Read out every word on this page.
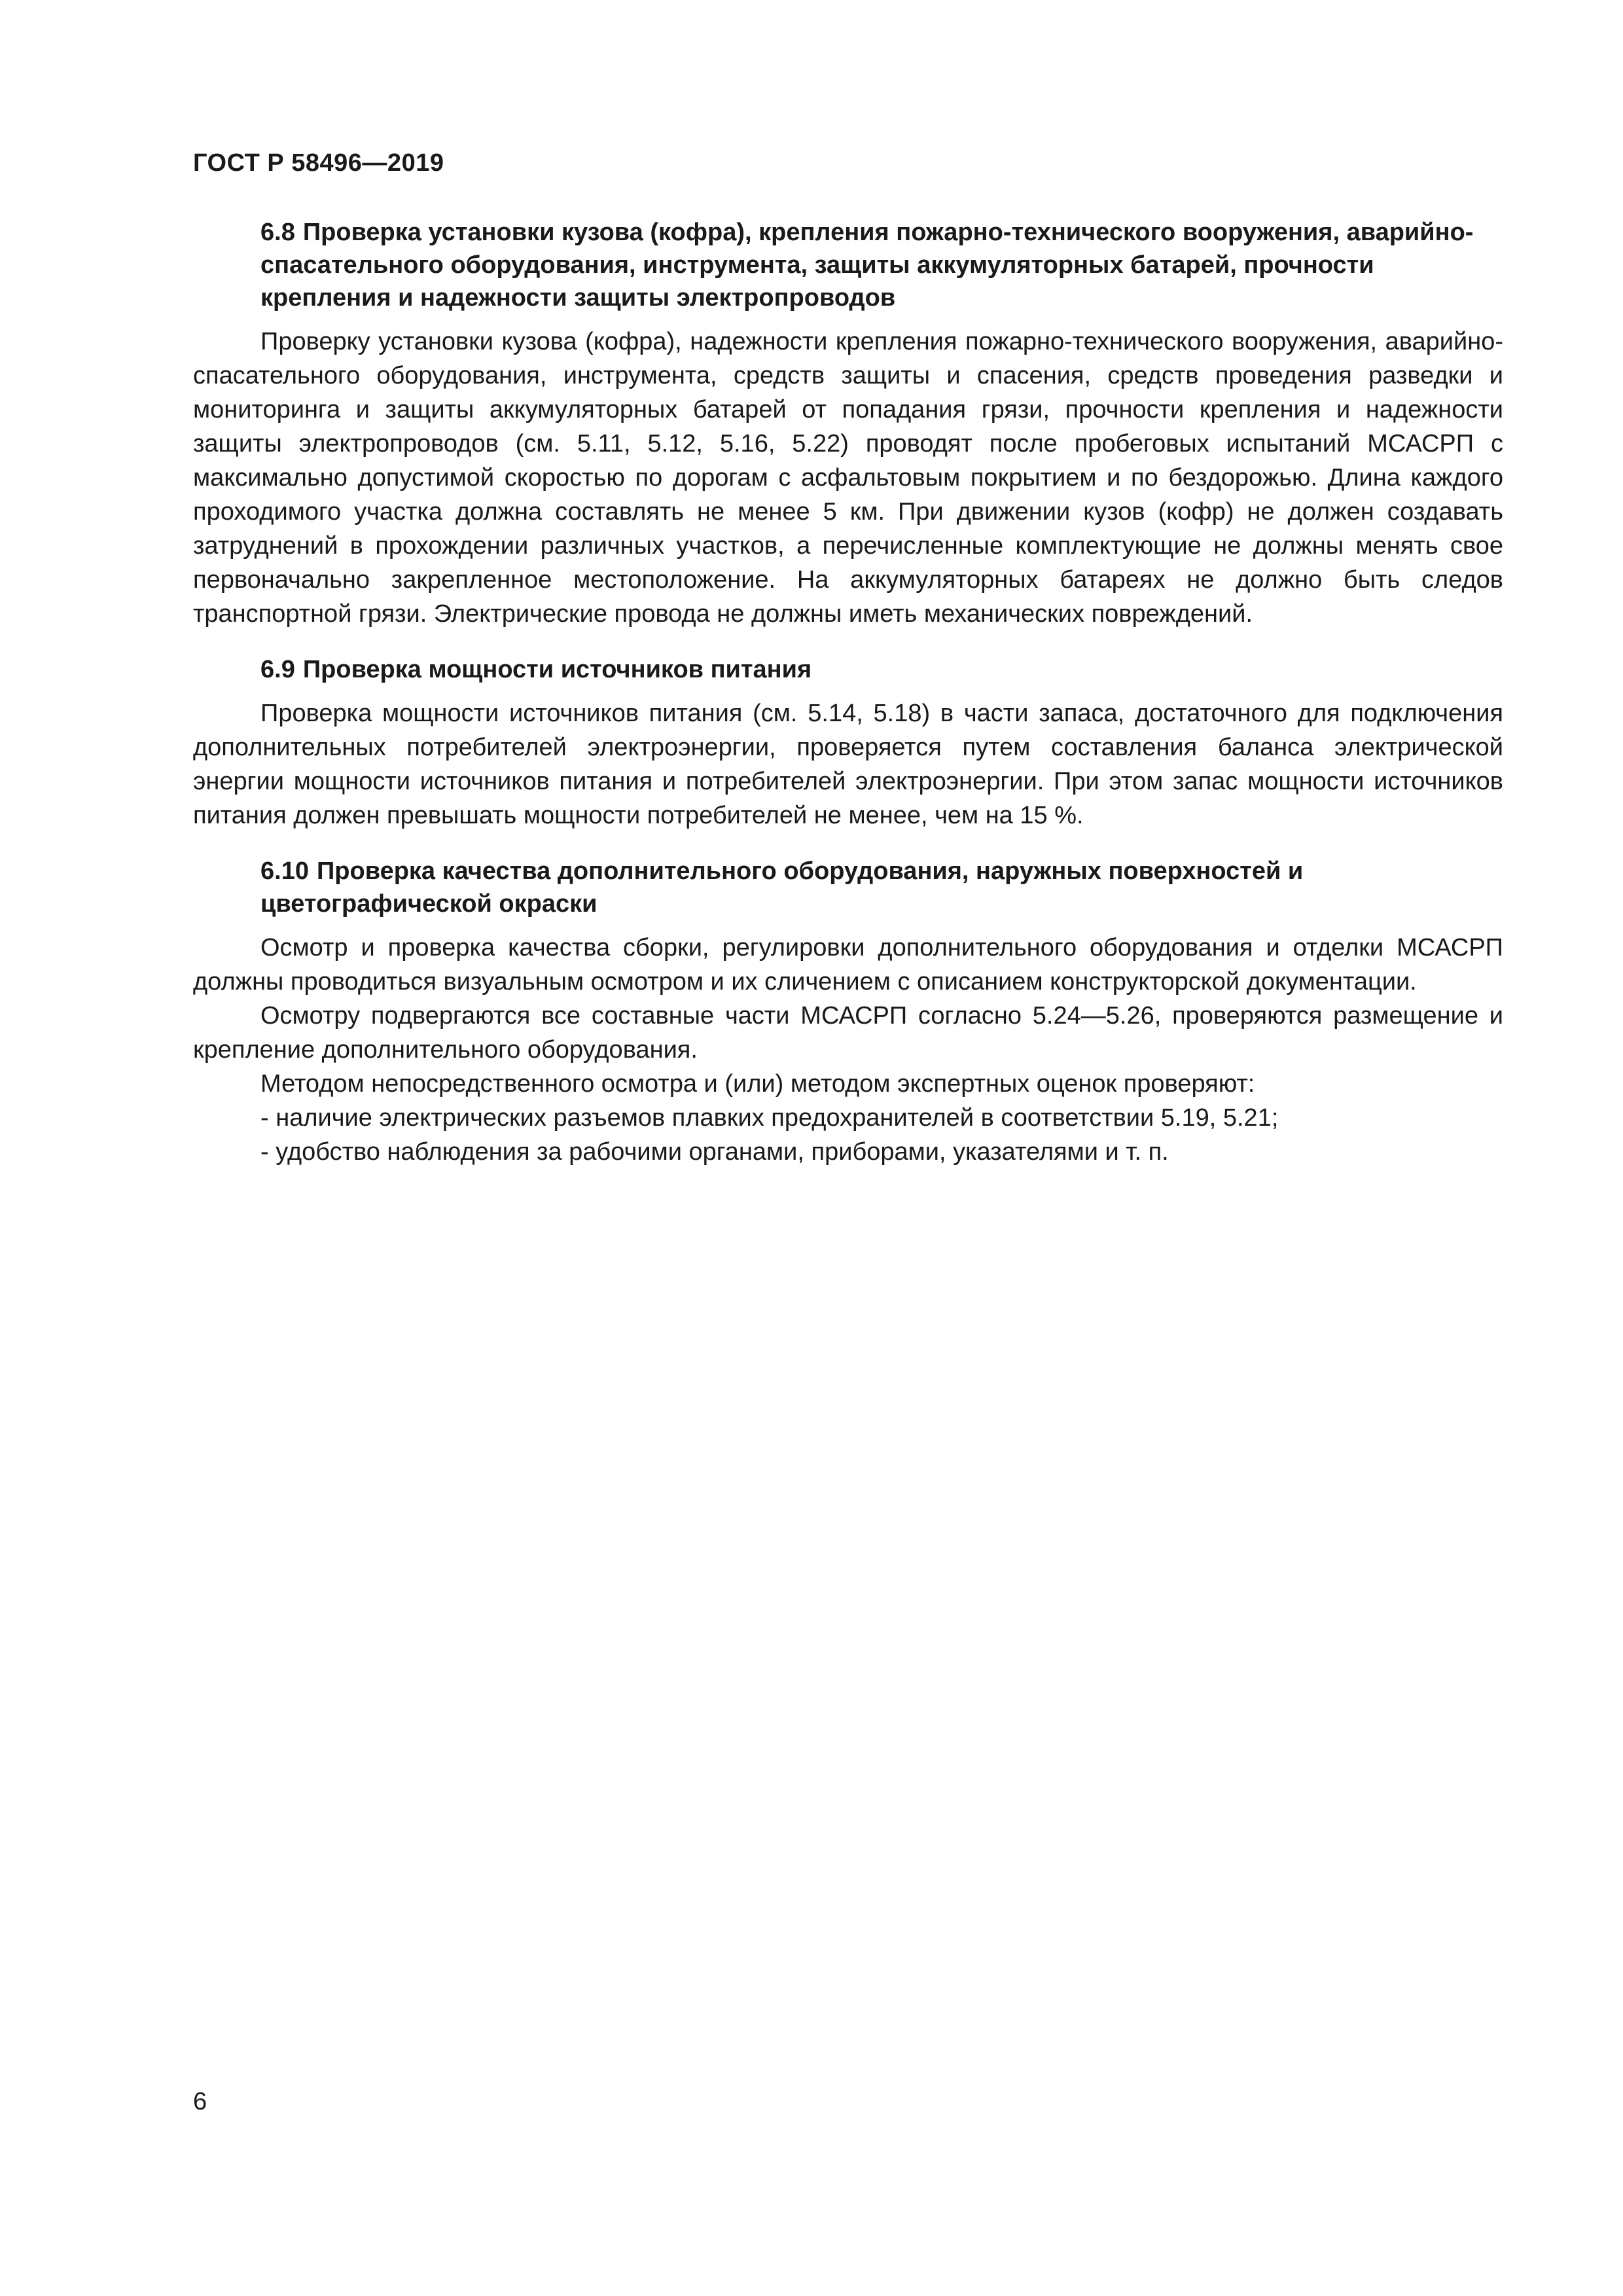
ГОСТ Р 58496—2019

6.8 Проверка установки кузова (кофра), крепления пожарно-технического вооружения, аварийно-спасательного оборудования, инструмента, защиты аккумуляторных батарей, прочности крепления и надежности защиты электропроводов

Проверку установки кузова (кофра), надежности крепления пожарно-технического вооружения, аварийно-спасательного оборудования, инструмента, средств защиты и спасения, средств проведения разведки и мониторинга и защиты аккумуляторных батарей от попадания грязи, прочности крепления и надежности защиты электропроводов (см. 5.11, 5.12, 5.16, 5.22) проводят после пробеговых испытаний МСАСРП с максимально допустимой скоростью по дорогам с асфальтовым покрытием и по бездорожью. Длина каждого проходимого участка должна составлять не менее 5 км. При движении кузов (кофр) не должен создавать затруднений в прохождении различных участков, а перечисленные комплектующие не должны менять свое первоначально закрепленное местоположение. На аккумуляторных батареях не должно быть следов транспортной грязи. Электрические провода не должны иметь механических повреждений.

6.9 Проверка мощности источников питания

Проверка мощности источников питания (см. 5.14, 5.18) в части запаса, достаточного для подключения дополнительных потребителей электроэнергии, проверяется путем составления баланса электрической энергии мощности источников питания и потребителей электроэнергии. При этом запас мощности источников питания должен превышать мощности потребителей не менее, чем на 15 %.

6.10 Проверка качества дополнительного оборудования, наружных поверхностей и цветографической окраски

Осмотр и проверка качества сборки, регулировки дополнительного оборудования и отделки МСАСРП должны проводиться визуальным осмотром и их сличением с описанием конструкторской документации.

Осмотру подвергаются все составные части МСАСРП согласно 5.24—5.26, проверяются размещение и крепление дополнительного оборудования.

Методом непосредственного осмотра и (или) методом экспертных оценок проверяют:

- наличие электрических разъемов плавких предохранителей в соответствии 5.19, 5.21;

- удобство наблюдения за рабочими органами, приборами, указателями и т. п.

6
